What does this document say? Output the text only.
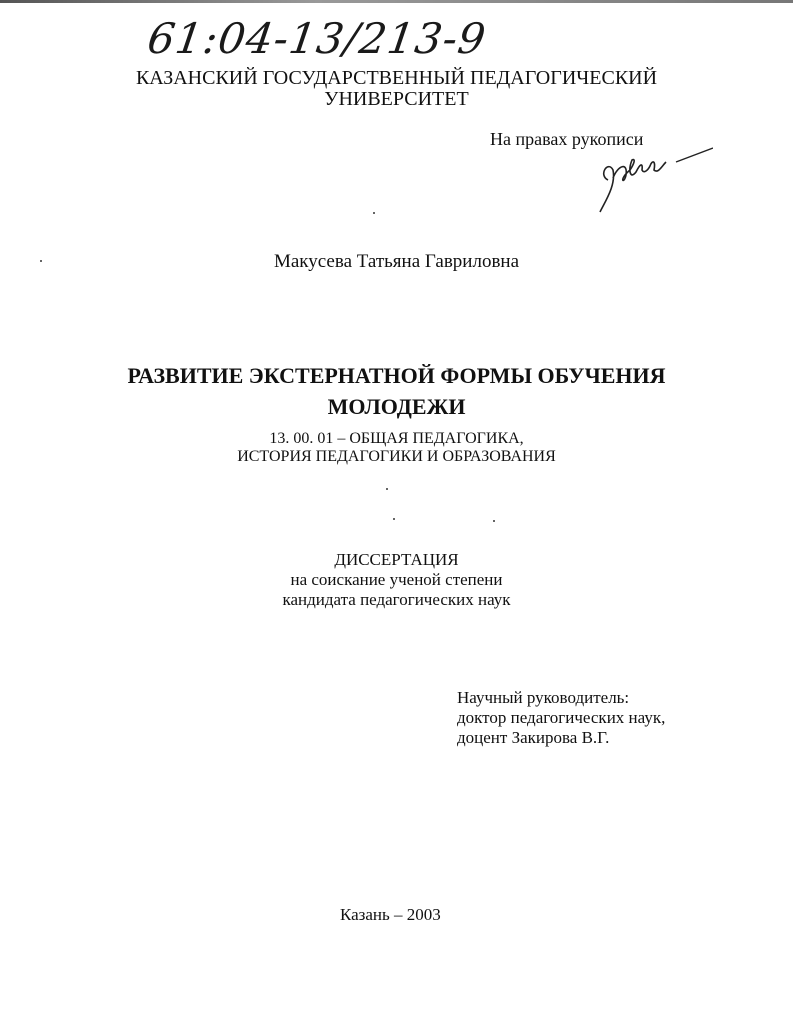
61:04-13/213-9
КАЗАНСКИЙ ГОСУДАРСТВЕННЫЙ ПЕДАГОГИЧЕСКИЙ
УНИВЕРСИТЕТ
На правах рукописи
Макусева Татьяна Гавриловна
РАЗВИТИЕ ЭКСТЕРНАТНОЙ ФОРМЫ ОБУЧЕНИЯ
МОЛОДЕЖИ
13. 00. 01 – ОБЩАЯ ПЕДАГОГИКА,
ИСТОРИЯ ПЕДАГОГИКИ И ОБРАЗОВАНИЯ
ДИССЕРТАЦИЯ
на соискание ученой степени
кандидата педагогических наук
Научный руководитель:
доктор педагогических наук,
доцент Закирова В.Г.
Казань – 2003
